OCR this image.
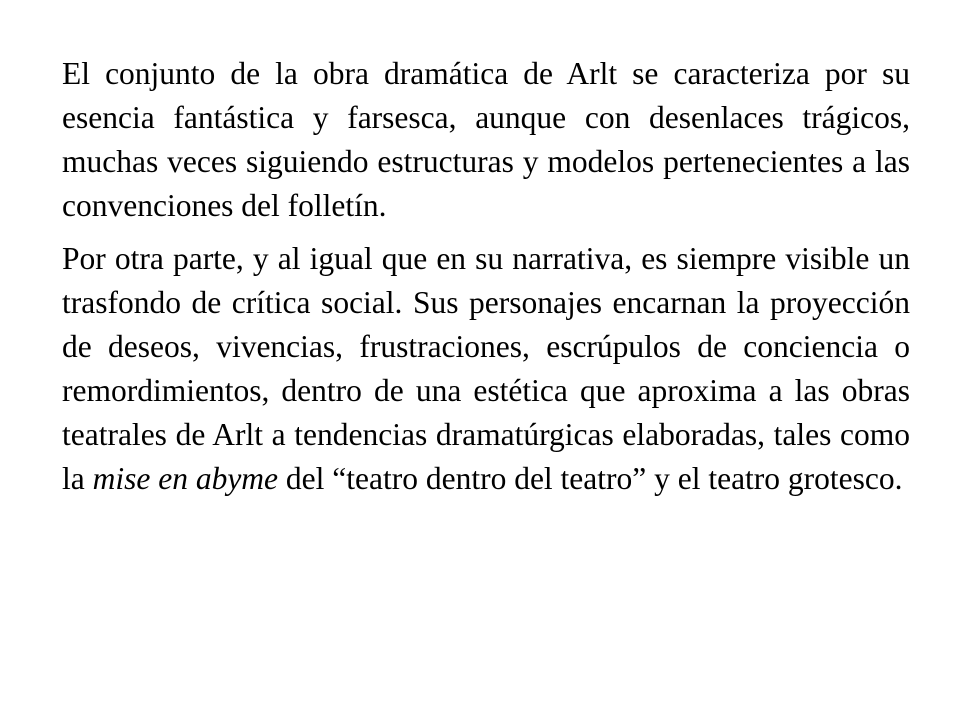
El conjunto de la obra dramática de Arlt se caracteriza por su esencia fantástica y farsesca, aunque con desenlaces trágicos, muchas veces siguiendo estructuras y modelos pertenecientes a las convenciones del folletín.

Por otra parte, y al igual que en su narrativa, es siempre visible un trasfondo de crítica social. Sus personajes encarnan la proyección de deseos, vivencias, frustraciones, escrúpulos de conciencia o remordimientos, dentro de una estética que aproxima a las obras teatrales de Arlt a tendencias dramatúrgicas elaboradas, tales como la mise en abyme del “teatro dentro del teatro” y el teatro grotesco.
